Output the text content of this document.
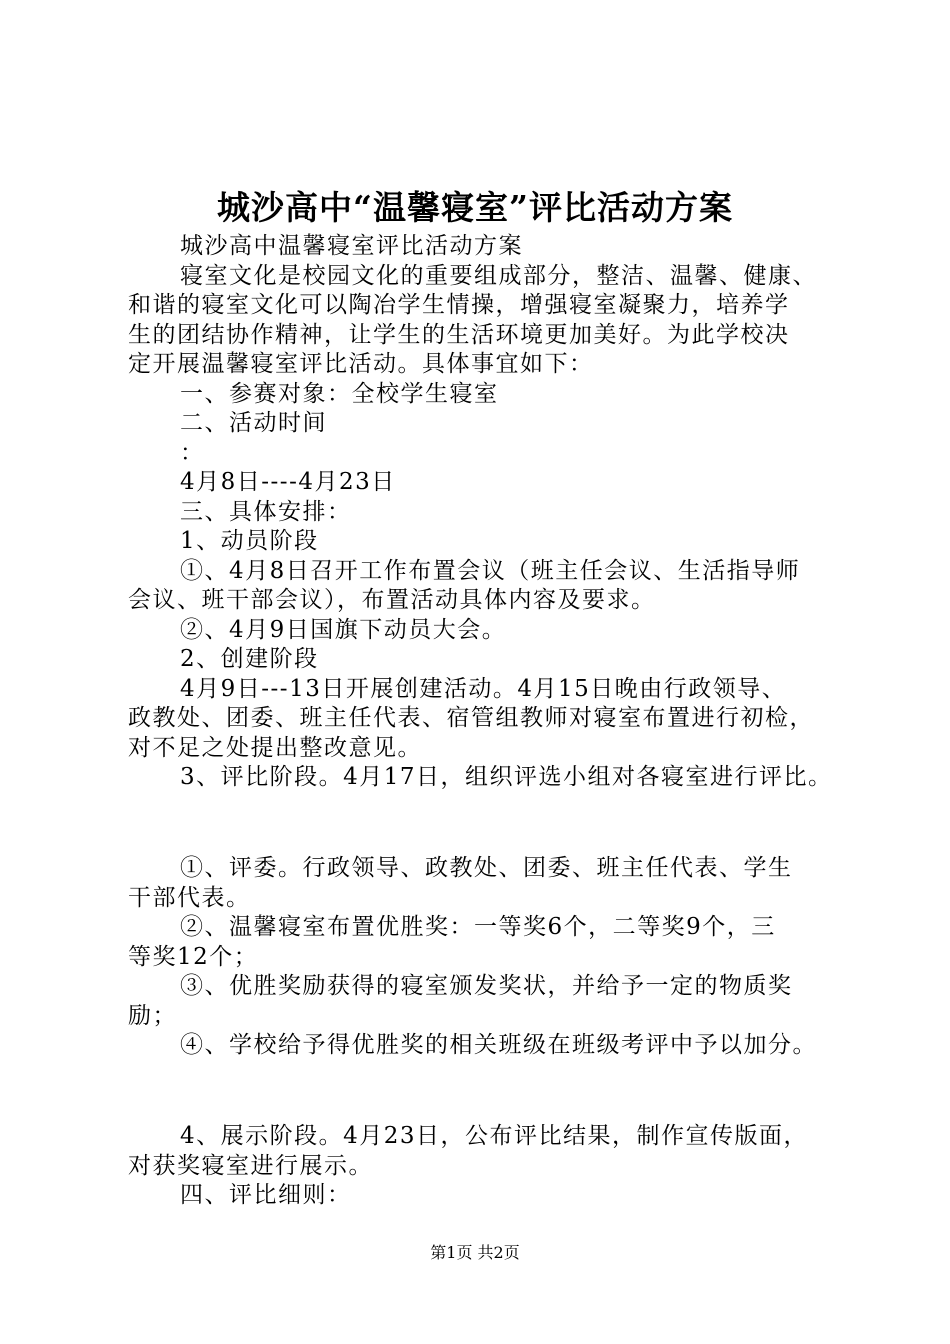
城沙高中“温馨寝室”评比活动方案

城沙高中温馨寝室评比活动方案

寝室文化是校园文化的重要组成部分，整洁、温馨、健康、

和谐的寝室文化可以陶冶学生情操，增强寝室凝聚力，培养学

生的团结协作精神，让学生的生活环境更加美好。为此学校决

定开展温馨寝室评比活动。具体事宜如下：

一、参赛对象：全校学生寝室

二、活动时间

：

4月8日----4月23日

三、具体安排：

1、动员阶段

①、4月8日召开工作布置会议（班主任会议、生活指导师

会议、班干部会议），布置活动具体内容及要求。

②、4月9日国旗下动员大会。

2、创建阶段

4月9日---13日开展创建活动。4月15日晚由行政领导、

政教处、团委、班主任代表、宿管组教师对寝室布置进行初检，

对不足之处提出整改意见。

3、评比阶段。4月17日，组织评选小组对各寝室进行评比。

①、评委。行政领导、政教处、团委、班主任代表、学生

干部代表。

②、温馨寝室布置优胜奖：一等奖6个，二等奖9个，三

等奖12个；

③、优胜奖励获得的寝室颁发奖状，并给予一定的物质奖

励；

④、学校给予得优胜奖的相关班级在班级考评中予以加分。

4、展示阶段。4月23日，公布评比结果，制作宣传版面，

对获奖寝室进行展示。

四、评比细则：

第1页 共2页
